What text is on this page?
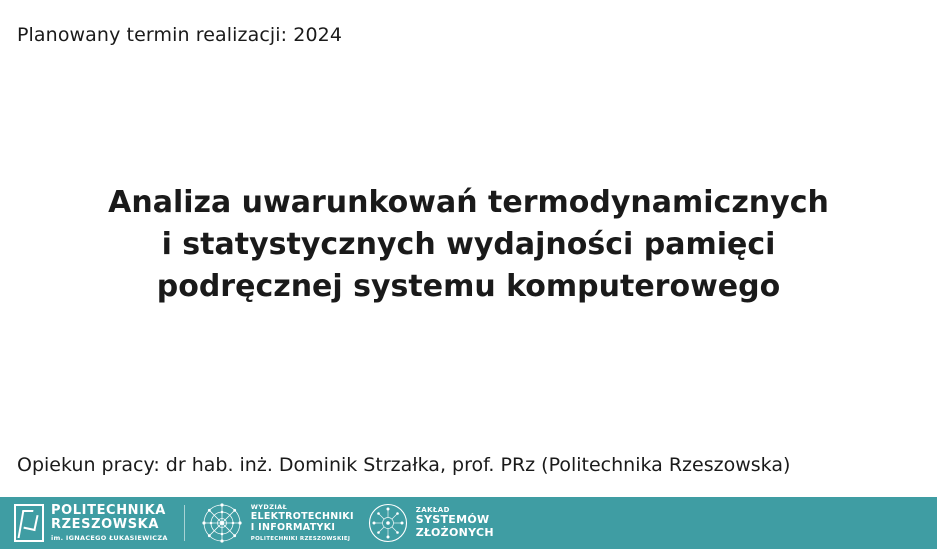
Planowany termin realizacji: 2024
Analiza uwarunkowań termodynamicznych
i statystycznych wydajności pamięci
podręcznej systemu komputerowego
Opiekun pracy: dr hab. inż. Dominik Strzałka, prof. PRz (Politechnika Rzeszowska)
POLITECHNIKA
RZESZOWSKA
im. IGNACEGO ŁUKASIEWICZA
WYDZIAŁ
ELEKTROTECHNIKI
I INFORMATYKI
POLITECHNIKI RZESZOWSKIEJ
ZAKŁAD
SYSTEMÓW
ZŁOŻONYCH
